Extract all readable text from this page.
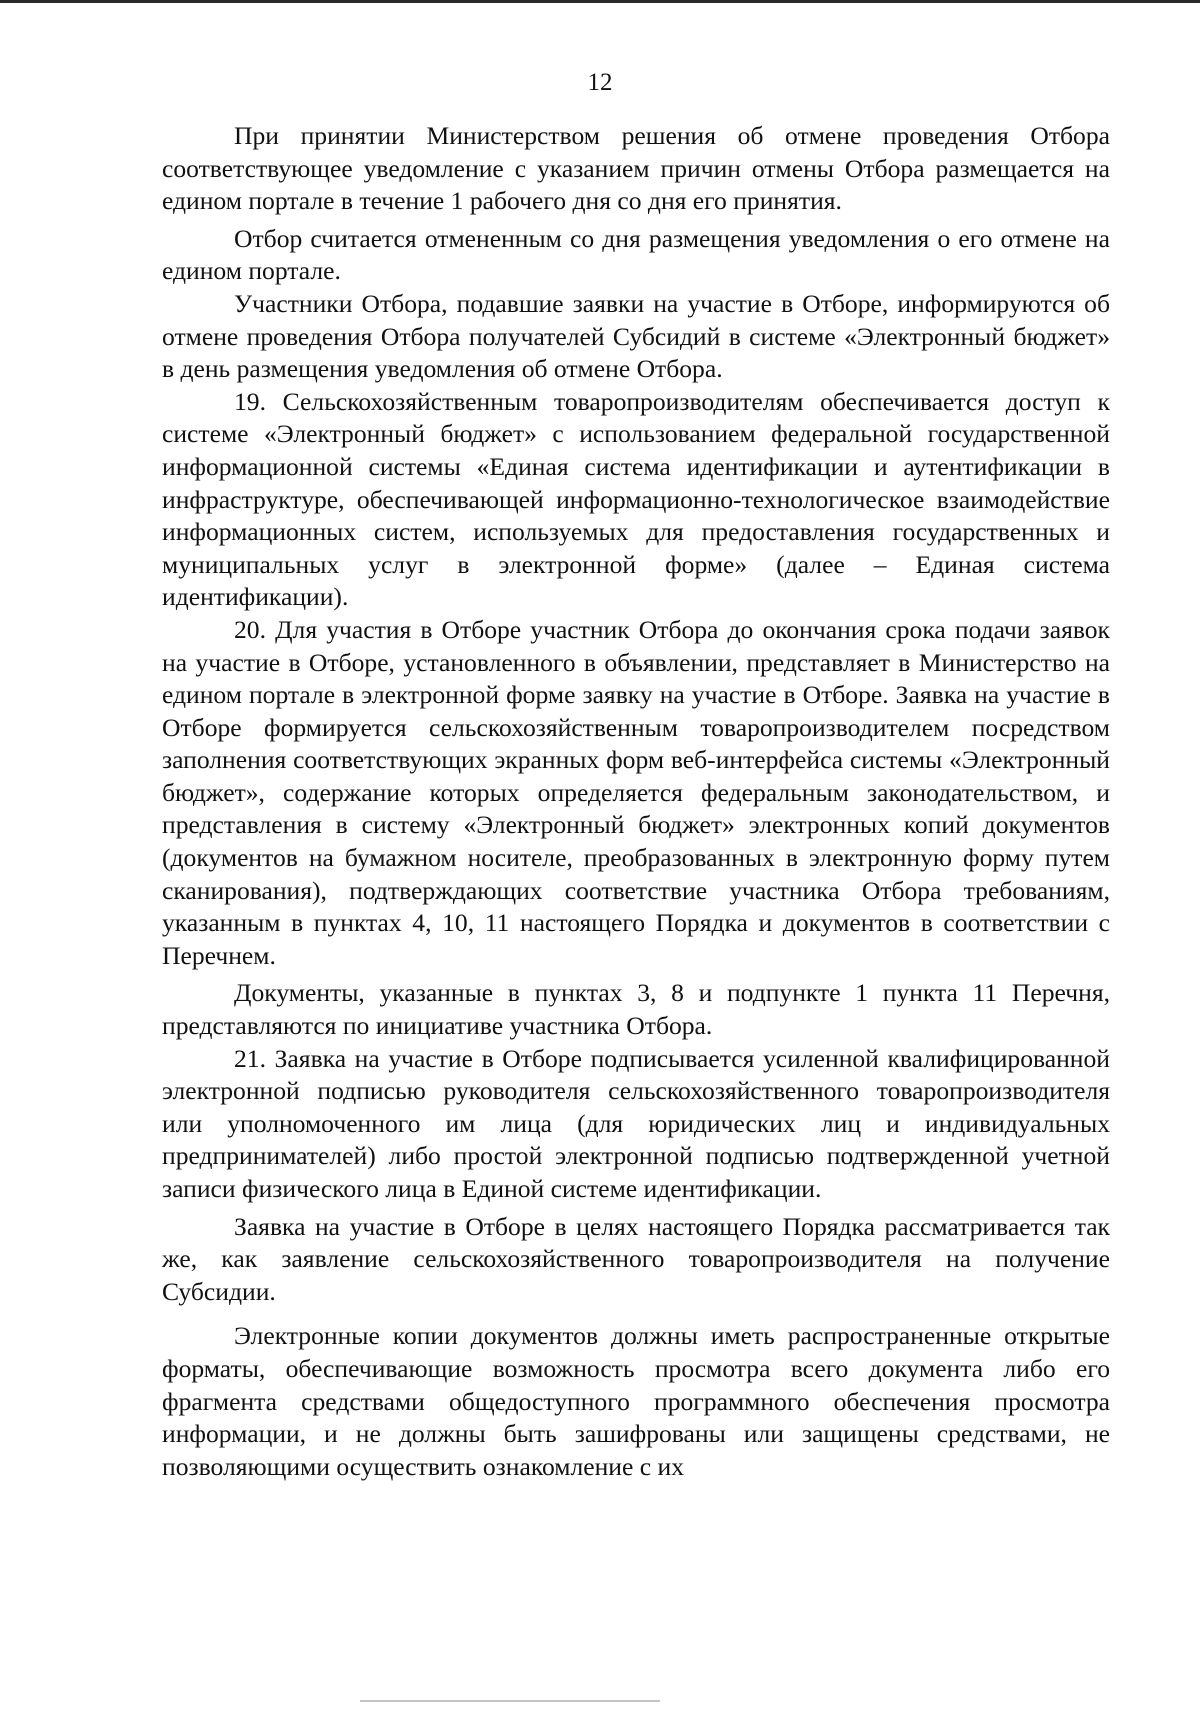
12

При принятии Министерством решения об отмене проведения Отбора соответствующее уведомление с указанием причин отмены Отбора размещается на едином портале в течение 1 рабочего дня со дня его принятия.

Отбор считается отмененным со дня размещения уведомления о его отмене на едином портале.

Участники Отбора, подавшие заявки на участие в Отборе, информируются об отмене проведения Отбора получателей Субсидий в системе «Электронный бюджет» в день размещения уведомления об отмене Отбора.

19. Сельскохозяйственным товаропроизводителям обеспечивается доступ к системе «Электронный бюджет» с использованием федеральной государственной информационной системы «Единая система идентификации и аутентификации в инфраструктуре, обеспечивающей информационно-технологическое взаимодействие информационных систем, используемых для предоставления государственных и муниципальных услуг в электронной форме» (далее – Единая система идентификации).

20. Для участия в Отборе участник Отбора до окончания срока подачи заявок на участие в Отборе, установленного в объявлении, представляет в Министерство на едином портале в электронной форме заявку на участие в Отборе. Заявка на участие в Отборе формируется сельскохозяйственным товаропроизводителем посредством заполнения соответствующих экранных форм веб-интерфейса системы «Электронный бюджет», содержание которых определяется федеральным законодательством, и представления в систему «Электронный бюджет» электронных копий документов (документов на бумажном носителе, преобразованных в электронную форму путем сканирования), подтверждающих соответствие участника Отбора требованиям, указанным в пунктах 4, 10, 11 настоящего Порядка и документов в соответствии с Перечнем.

Документы, указанные в пунктах 3, 8 и подпункте 1 пункта 11 Перечня, представляются по инициативе участника Отбора.

21. Заявка на участие в Отборе подписывается усиленной квалифицированной электронной подписью руководителя сельскохозяйственного товаропроизводителя или уполномоченного им лица (для юридических лиц и индивидуальных предпринимателей) либо простой электронной подписью подтвержденной учетной записи физического лица в Единой системе идентификации.

Заявка на участие в Отборе в целях настоящего Порядка рассматривается так же, как заявление сельскохозяйственного товаропроизводителя на получение Субсидии.

Электронные копии документов должны иметь распространенные открытые форматы, обеспечивающие возможность просмотра всего документа либо его фрагмента средствами общедоступного программного обеспечения просмотра информации, и не должны быть зашифрованы или защищены средствами, не позволяющими осуществить ознакомление с их
